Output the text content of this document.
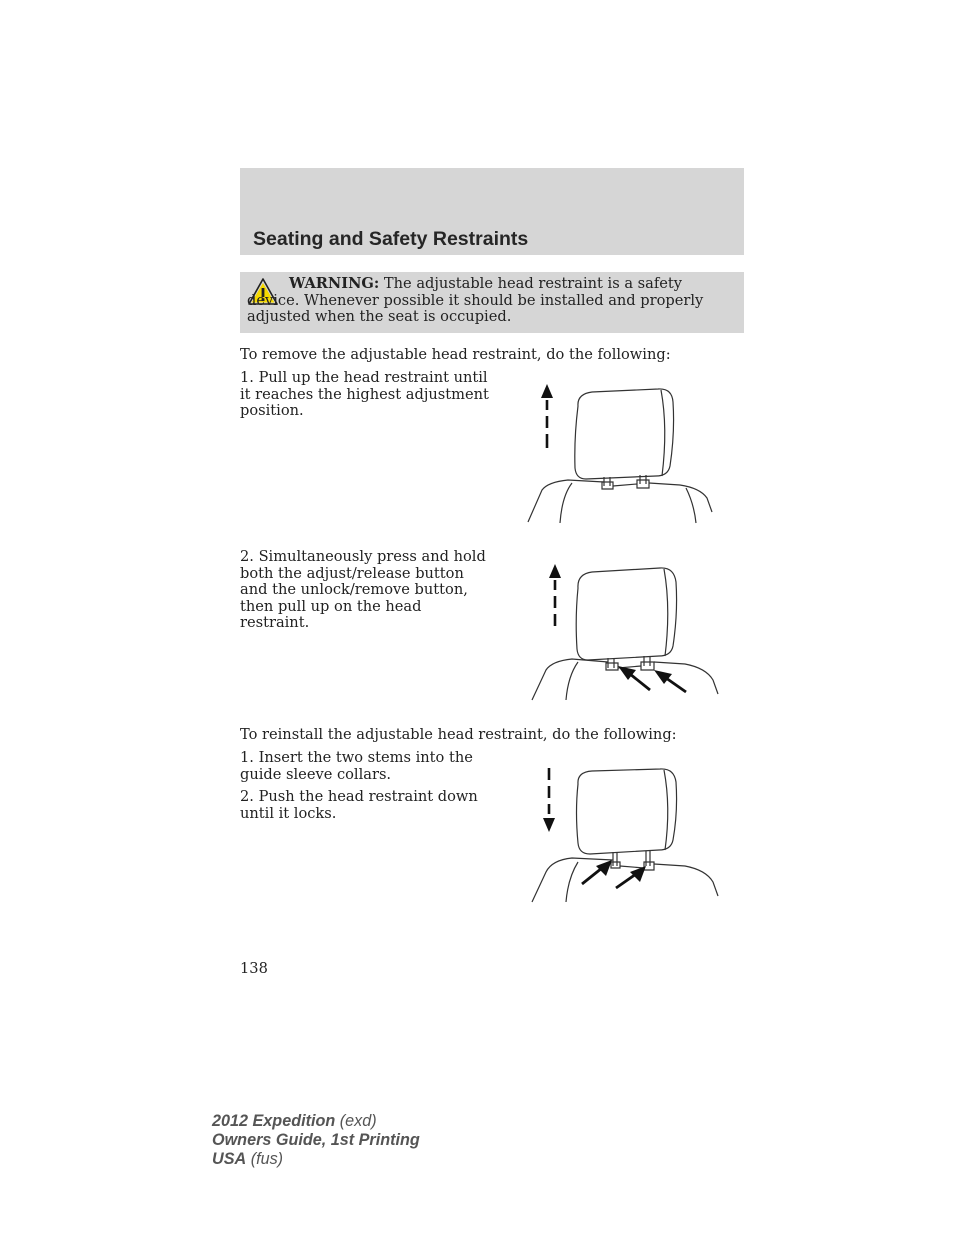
Seating and Safety Restraints

WARNING: The adjustable head restraint is a safety device. Whenever possible it should be installed and properly adjusted when the seat is occupied.

To remove the adjustable head restraint, do the following:

1. Pull up the head restraint until it reaches the highest adjustment position.

2. Simultaneously press and hold both the adjust/release button and the unlock/remove button, then pull up on the head restraint.

To reinstall the adjustable head restraint, do the following:

1. Insert the two stems into the guide sleeve collars.

2. Push the head restraint down until it locks.

138

2012 Expedition (exd)
Owners Guide, 1st Printing
USA (fus)
